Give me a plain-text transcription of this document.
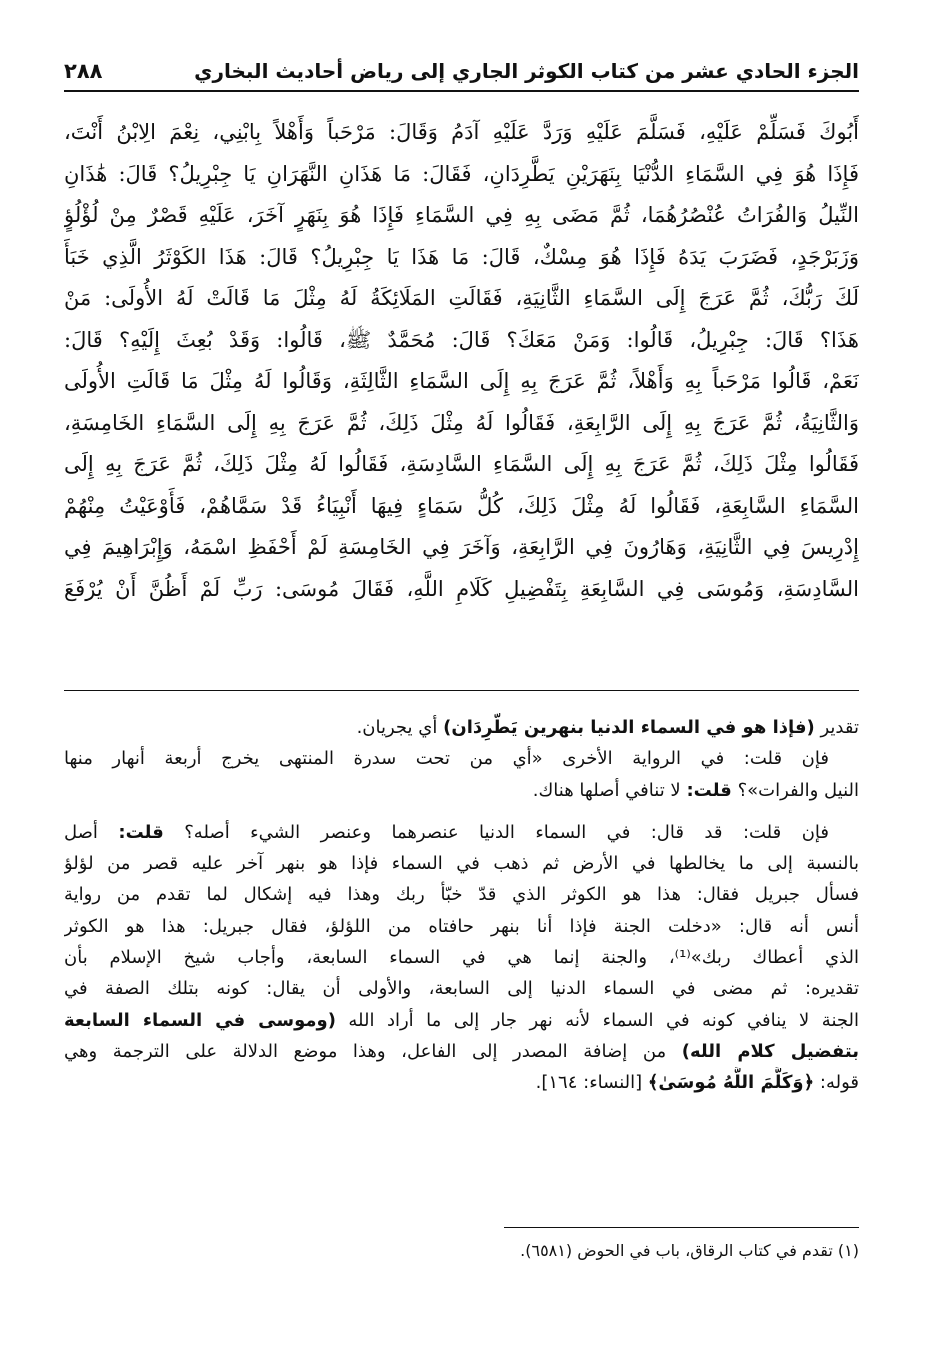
٢٨٨	الجزء الحادي عشر من كتاب الكوثر الجاري إلى رياض أحاديث البخاري
أَبُوكَ فَسَلِّمْ عَلَيْهِ، فَسَلَّمَ عَلَيْهِ وَرَدَّ عَلَيْهِ آدَمُ وَقَالَ: مَرْحَباً وَأَهْلاً بِابْنِي، نِعْمَ الِابْنُ أَنْتَ،
فَإِذَا هُوَ فِي السَّمَاءِ الدُّنْيَا بِنَهَرَيْنِ يَطَّرِدَانِ، فَقَالَ: مَا هَذَانِ النَّهَرَانِ يَا جِبْرِيلُ؟ قَالَ: هَٰذَانِ
النِّيلُ وَالفُرَاتُ عُنْصُرُهُمَا، ثُمَّ مَضَى بِهِ فِي السَّمَاءِ فَإِذَا هُوَ بِنَهَرٍ آخَرَ، عَلَيْهِ قَصْرٌ مِنْ لُؤْلُؤٍ
وَزَبَرْجَدٍ، فَضَرَبَ يَدَهُ فَإِذَا هُوَ مِسْكٌ، قَالَ: مَا هَذَا يَا جِبْرِيلُ؟ قَالَ: هَذَا الكَوْثَرُ الَّذِي خَبَأَ
لَكَ رَبُّكَ، ثُمَّ عَرَجَ إِلَى السَّمَاءِ الثَّانِيَةِ، فَقَالَتِ المَلَائِكَةُ لَهُ مِثْلَ مَا قَالَتْ لَهُ الأُولَى: مَنْ
هَذَا؟ قَالَ: جِبْرِيلُ، قَالُوا: وَمَنْ مَعَكَ؟ قَالَ: مُحَمَّدٌ ﷺ، قَالُوا: وَقَدْ بُعِثَ إِلَيْهِ؟ قَالَ:
نَعَمْ، قَالُوا مَرْحَباً بِهِ وَأَهْلاً، ثُمَّ عَرَجَ بِهِ إِلَى السَّمَاءِ الثَّالِثَةِ، وَقَالُوا لَهُ مِثْلَ مَا قَالَتِ الأُولَى
وَالثَّانِيَةُ، ثُمَّ عَرَجَ بِهِ إِلَى الرَّابِعَةِ، فَقَالُوا لَهُ مِثْلَ ذَلِكَ، ثُمَّ عَرَجَ بِهِ إِلَى السَّمَاءِ الخَامِسَةِ،
فَقَالُوا مِثْلَ ذَلِكَ، ثُمَّ عَرَجَ بِهِ إِلَى السَّمَاءِ السَّادِسَةِ، فَقَالُوا لَهُ مِثْلَ ذَلِكَ، ثُمَّ عَرَجَ بِهِ إِلَى
السَّمَاءِ السَّابِعَةِ، فَقَالُوا لَهُ مِثْلَ ذَلِكَ، كُلُّ سَمَاءٍ فِيهَا أَنْبِيَاءُ قَدْ سَمَّاهُمْ، فَأَوْعَيْتُ مِنْهُمْ
إِدْرِيسَ فِي الثَّانِيَةِ، وَهَارُونَ فِي الرَّابِعَةِ، وَآخَرَ فِي الخَامِسَةِ لَمْ أَحْفَظِ اسْمَهُ، وَإِبْرَاهِيمَ فِي
السَّادِسَةِ، وَمُوسَى فِي السَّابِعَةِ بِتَفْضِيلِ كَلَامِ اللَّهِ، فَقَالَ مُوسَى: رَبِّ لَمْ أَظُنَّ أَنْ يُرْفَعَ
تقدير (فإذا هو في السماء الدنيا بنهرين يَطّرِدَان) أي يجريان.
فإن قلت: في الرواية الأخرى «أي من تحت سدرة المنتهى يخرج أربعة أنهار منها
النيل والفرات»؟ قلت: لا تنافي أصلها هناك.
فإن قلت: قد قال: في السماء الدنيا عنصرهما وعنصر الشيء أصله؟ قلت: أصل
بالنسبة إلى ما يخالطها في الأرض ثم ذهب في السماء فإذا هو بنهر آخر عليه قصر من لؤلؤ
فسأل جبريل فقال: هذا هو الكوثر الذي قدّ خبّأ ربك وهذا فيه إشكال لما تقدم من رواية
أنس أنه قال: «دخلت الجنة فإذا أنا بنهر حافتاه من اللؤلؤ، فقال جبريل: هذا هو الكوثر
الذي أعطاك ربك»⁽¹⁾، والجنة إنما هي في السماء السابعة، وأجاب شيخ الإسلام بأن
تقديره: ثم مضى في السماء الدنيا إلى السابعة، والأولى أن يقال: كونه بتلك الصفة في
الجنة لا ينافي كونه في السماء لأنه نهر جار إلى ما أراد الله (وموسى في السماء السابعة
بتفضيل كلام الله) من إضافة المصدر إلى الفاعل، وهذا موضع الدلالة على الترجمة وهي
قوله: ﴿وَكَلَّمَ اللَّهُ مُوسَىٰ﴾ [النساء: ١٦٤].
(١) تقدم في كتاب الرقاق، باب في الحوض (٦٥٨١).
